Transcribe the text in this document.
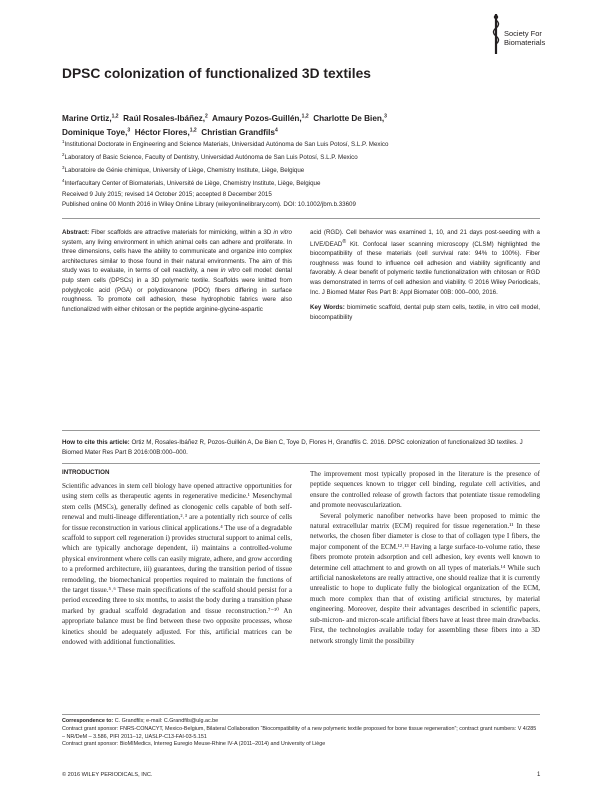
Society For
Biomaterials
DPSC colonization of functionalized 3D textiles
Marine Ortiz,$^{1,2}$ Raúl Rosales-Ibáñez,$^2$ Amaury Pozos-Guillén,$^{1,2}$ Charlotte De Bien,$^3$
Dominique Toye,$^3$ Héctor Flores,$^{1,2}$ Christian Grandfils$^4$
$^1$Institutional Doctorate in Engineering and Science Materials, Universidad Autónoma de San Luis Potosí, S.L.P. Mexico
$^2$Laboratory of Basic Science, Faculty of Dentistry, Universidad Autónoma de San Luis Potosí, S.L.P. Mexico
$^3$Laboratoire de Génie chimique, University of Liège, Chemistry Institute, Liège, Belgique
$^4$Interfacultary Center of Biomaterials, Université de Liège, Chemistry Institute, Liège, Belgique
Received 9 July 2015; revised 14 October 2015; accepted 8 December 2015
Published online 00 Month 2016 in Wiley Online Library (wileyonlinelibrary.com). DOI: 10.1002/jbm.b.33609
Abstract: Fiber scaffolds are attractive materials for mimicking, within a 3D in vitro system, any living environment in which animal cells can adhere and proliferate. In three dimensions, cells have the ability to communicate and organize into complex architectures similar to those found in their natural environments. The aim of this study was to evaluate, in terms of cell reactivity, a new in vitro cell model: dental pulp stem cells (DPSCs) in a 3D polymeric textile. Scaffolds were knitted from polyglycolic acid (PGA) or polydioxanone (PDO) fibers differing in surface roughness. To promote cell adhesion, these hydrophobic fabrics were also functionalized with either chitosan or the peptide arginine-glycine-aspartic
acid (RGD). Cell behavior was examined 1, 10, and 21 days post-seeding with a LIVE/DEAD® Kit. Confocal laser scanning microscopy (CLSM) highlighted the biocompatibility of these materials (cell survival rate: 94% to 100%). Fiber roughness was found to influence cell adhesion and viability significantly and favorably. A clear benefit of polymeric textile functionalization with chitosan or RGD was demonstrated in terms of cell adhesion and viability. © 2016 Wiley Periodicals, Inc. J Biomed Mater Res Part B: Appl Biomater 00B: 000–000, 2016.
Key Words: biomimetic scaffold, dental pulp stem cells, textile, in vitro cell model, biocompatibility
How to cite this article: Ortiz M, Rosales-Ibáñez R, Pozos-Guillén A, De Bien C, Toye D, Flores H, Grandfils C. 2016. DPSC colonization of functionalized 3D textiles. J Biomed Mater Res Part B 2016:00B:000–000.
INTRODUCTION

Scientific advances in stem cell biology have opened attractive opportunities for using stem cells as therapeutic agents in regenerative medicine.¹ Mesenchymal stem cells (MSCs), generally defined as clonogenic cells capable of both self-renewal and multi-lineage differentiation,²˒³ are a potentially rich source of cells for tissue reconstruction in various clinical applications.⁴ The use of a degradable scaffold to support cell regeneration i) provides structural support to animal cells, which are typically anchorage dependent, ii) maintains a controlled-volume physical environment where cells can easily migrate, adhere, and grow according to a preformed architecture, iii) guarantees, during the transition period of tissue remodeling, the biomechanical properties required to maintain the functions of the target tissue.⁵˒⁶ These main specifications of the scaffold should persist for a period exceeding three to six months, to assist the body during a transition phase marked by gradual scaffold degradation and tissue reconstruction.⁷⁻¹⁰ An appropriate balance must be find between these two opposite processes, whose kinetics should be adequately adjusted. For this, artificial matrices can be endowed with additional functionalities.

The improvement most typically proposed in the literature is the presence of peptide sequences known to trigger cell binding, regulate cell activities, and ensure the controlled release of growth factors that potentiate tissue remodeling and promote neovascularization.

Several polymeric nanofiber networks have been proposed to mimic the natural extracellular matrix (ECM) required for tissue regeneration.¹¹ In these networks, the chosen fiber diameter is close to that of collagen type I fibers, the major component of the ECM.¹²˒¹³ Having a large surface-to-volume ratio, these fibers promote protein adsorption and cell adhesion, key events well known to determine cell attachment to and growth on all types of materials.¹⁴ While such artificial nanoskeletons are really attractive, one should realize that it is currently unrealistic to hope to duplicate fully the biological organization of the ECM, much more complex than that of existing artificial structures, by material engineering. Moreover, despite their advantages described in scientific papers, sub-micron- and micron-scale artificial fibers have at least three main drawbacks. First, the technologies available today for assembling these fibers into a 3D network strongly limit the possibility

Correspondence to: C. Grandfils; e-mail: C.Grandfils@ulg.ac.be
Contract grant sponsor: FNRS-CONACYT, Mexico-Belgium, Bilateral Collaboration “Biocompatibility of a new polymeric textile proposed for bone tissue regeneration”; contract grant numbers: V 4/285 – NR/DeM – 3.586, PIFI 2011–12, UASLP-C13-FAI-03-5.151
Contract grant sponsor: BioMIMedics, Interreg Euregio Meuse-Rhine IV-A (2011–2014) and University of Liège
© 2016 WILEY PERIODICALS, INC.	1
